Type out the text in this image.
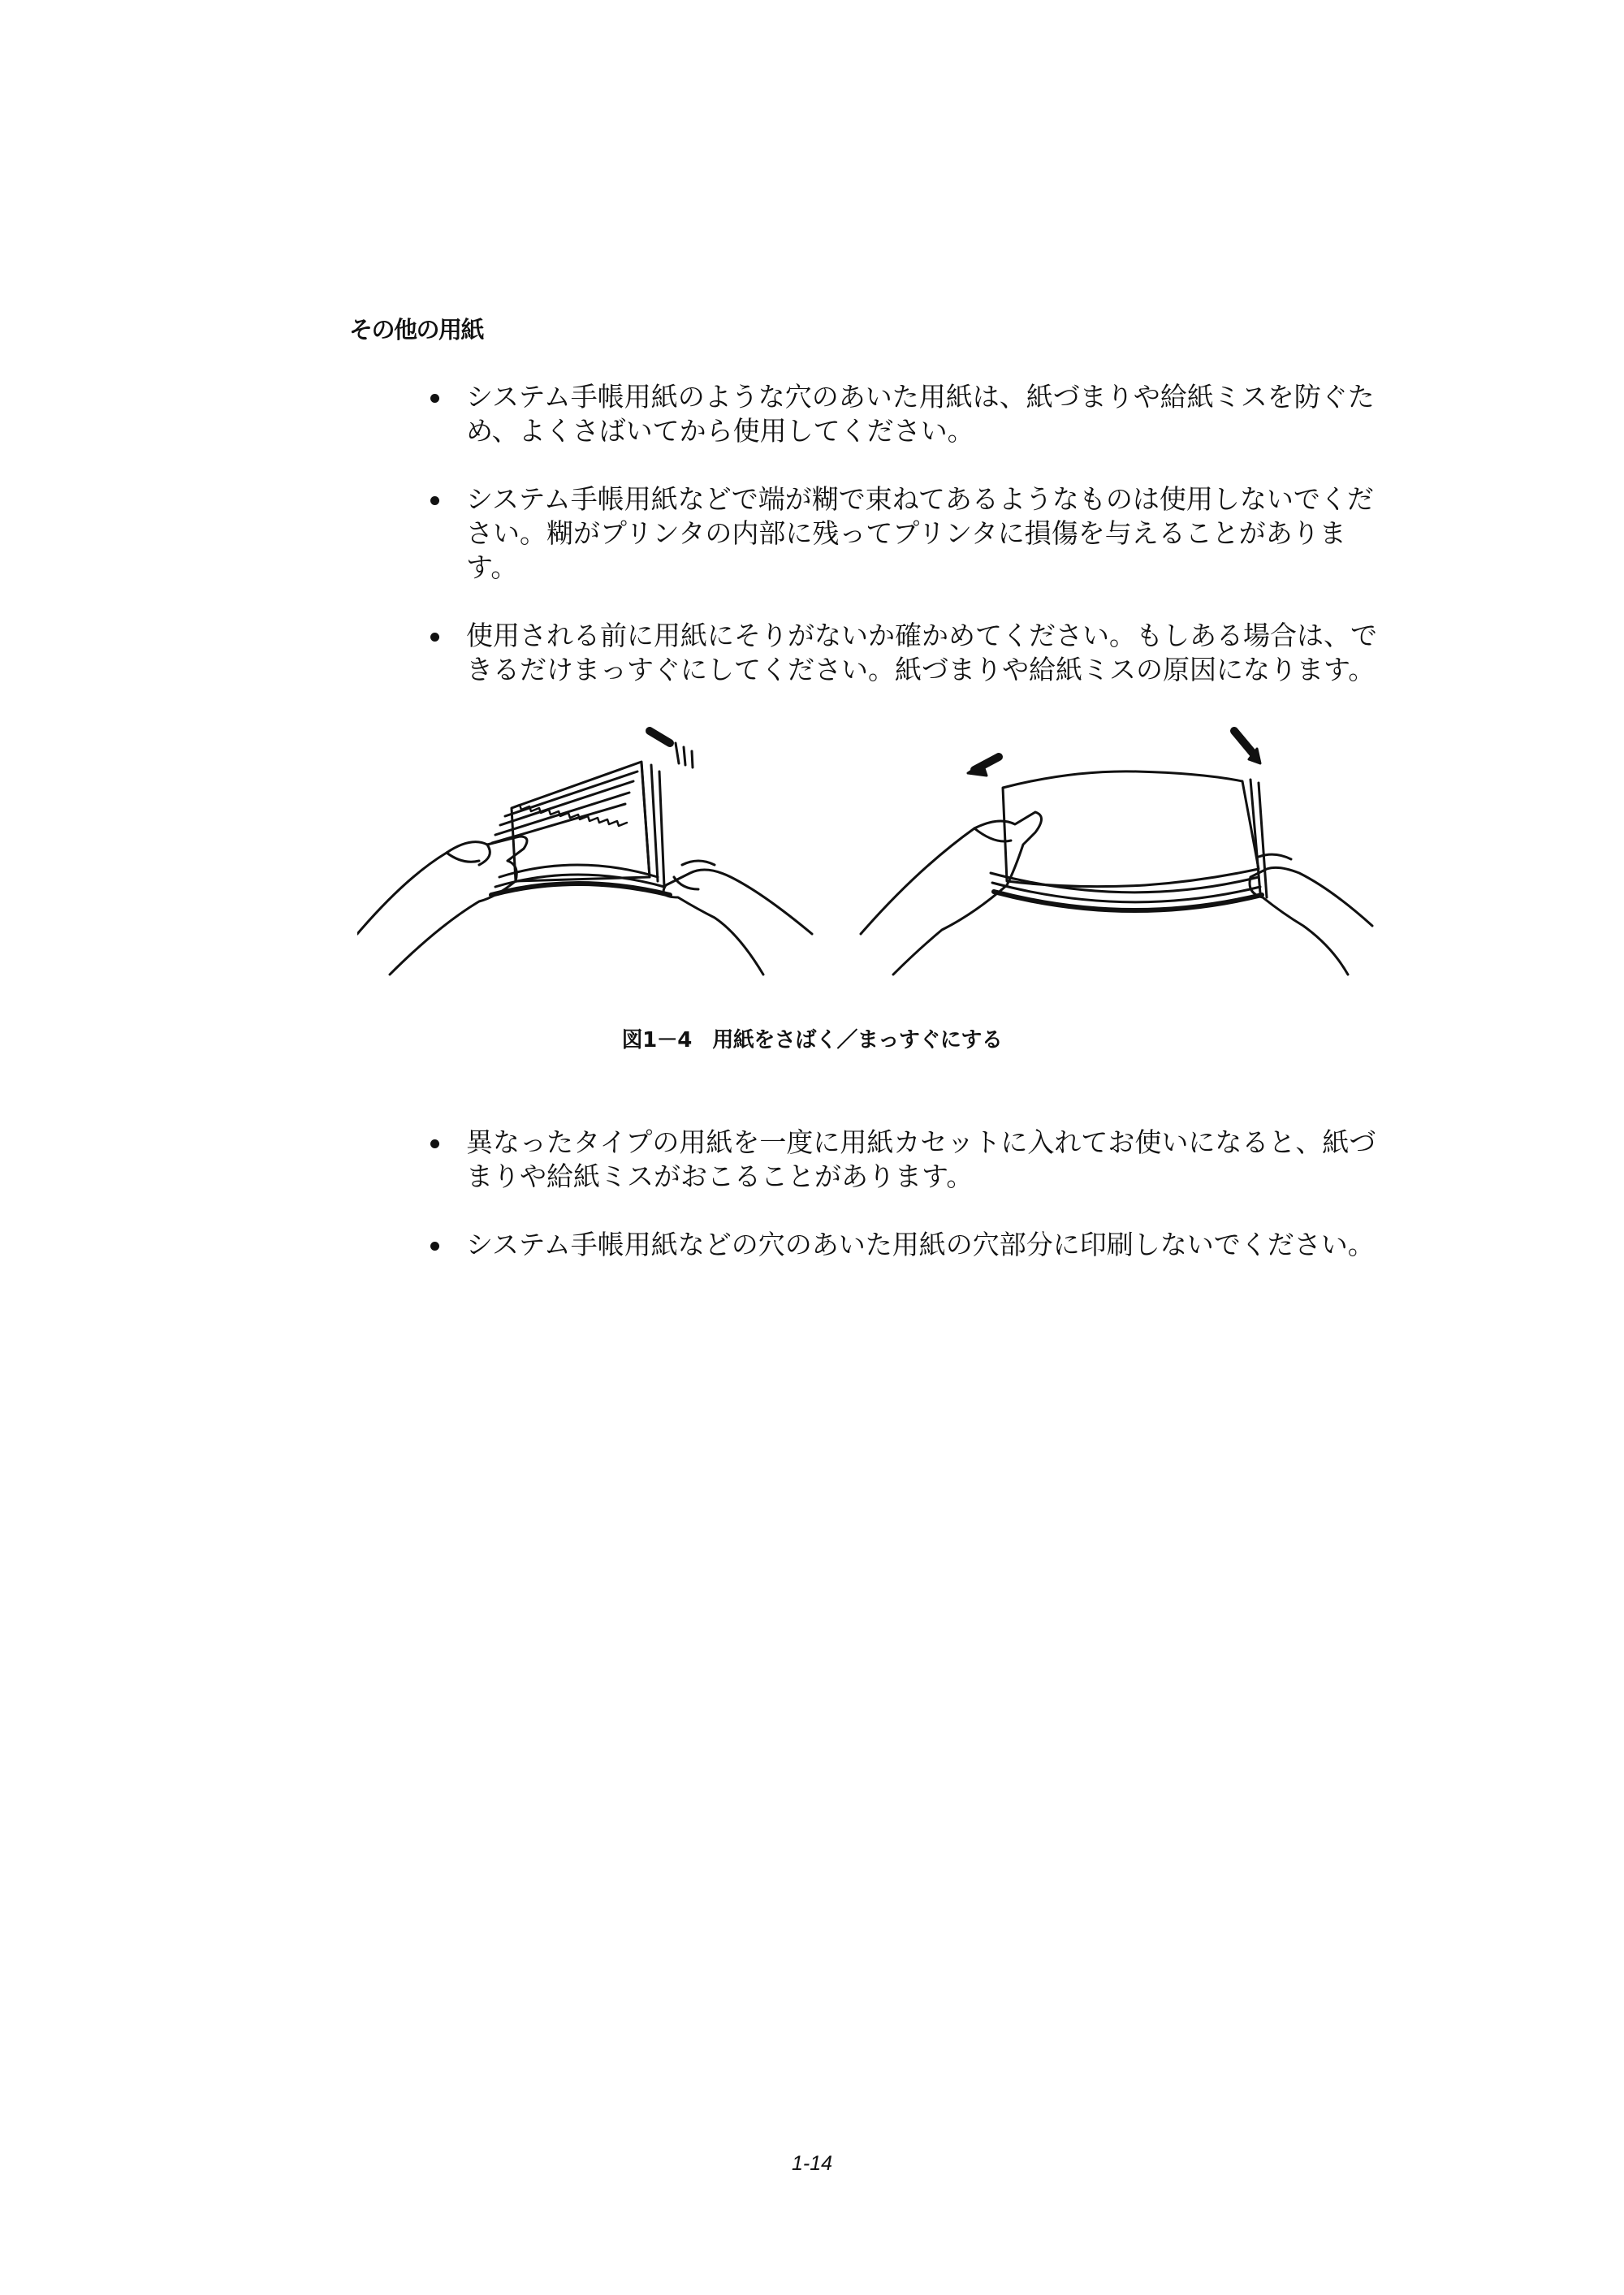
その他の用紙
システム手帳用紙のような穴のあいた用紙は、紙づまりや給紙ミスを防ぐため、よくさばいてから使用してください。
システム手帳用紙などで端が糊で束ねてあるようなものは使用しないでください。糊がプリンタの内部に残ってプリンタに損傷を与えることがあります。
使用される前に用紙にそりがないか確かめてください。もしある場合は、できるだけまっすぐにしてください。紙づまりや給紙ミスの原因になります。

図1－4　用紙をさばく／まっすぐにする

異なったタイプの用紙を一度に用紙カセットに入れてお使いになると、紙づまりや給紙ミスがおこることがあります。
システム手帳用紙などの穴のあいた用紙の穴部分に印刷しないでください。
1-14
